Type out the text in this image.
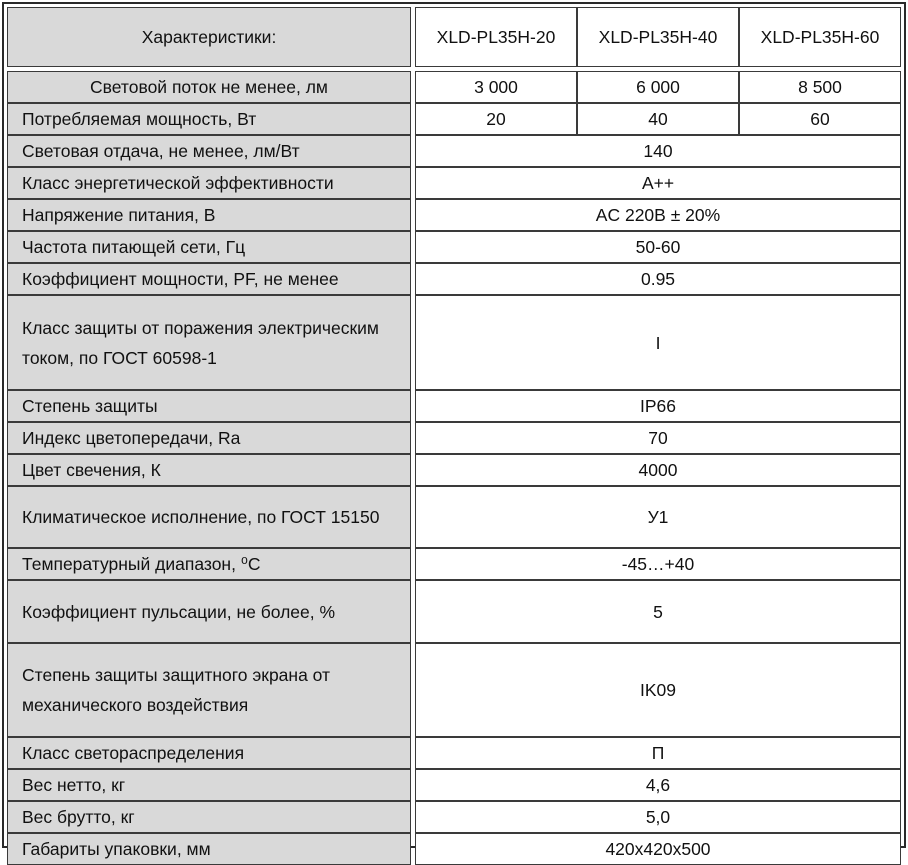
Характеристики:		XLD-PL35H-20	XLD-PL35H-40	XLD-PL35H-60

Световой поток не менее, лм		3 000	6 000	8 500
Потребляемая мощность, Вт		20	40	60
Световая отдача, не менее, лм/Вт		140		
Класс энергетической эффективности		A++		
Напряжение питания, В		AC 220B ± 20%		
Частота питающей сети, Гц		50-60		
Коэффициент мощности, PF, не менее		0.95		
Класс защиты от поражения электрическим током, по ГОСТ 60598-1		I		
Степень защиты		IP66		
Индекс цветопередачи, Ra		70		
Цвет свечения, К		4000		
Климатическое исполнение, по ГОСТ 15150		У1		
Температурный диапазон, ⁰С		-45…+40		
Коэффициент пульсации, не более, %		5		
Степень защиты защитного экрана от механического воздействия		IK09		
Класс светораспределения		П		
Вес нетто, кг		4,6		
Вес брутто, кг		5,0		
Габариты упаковки, мм		420x420x500		
